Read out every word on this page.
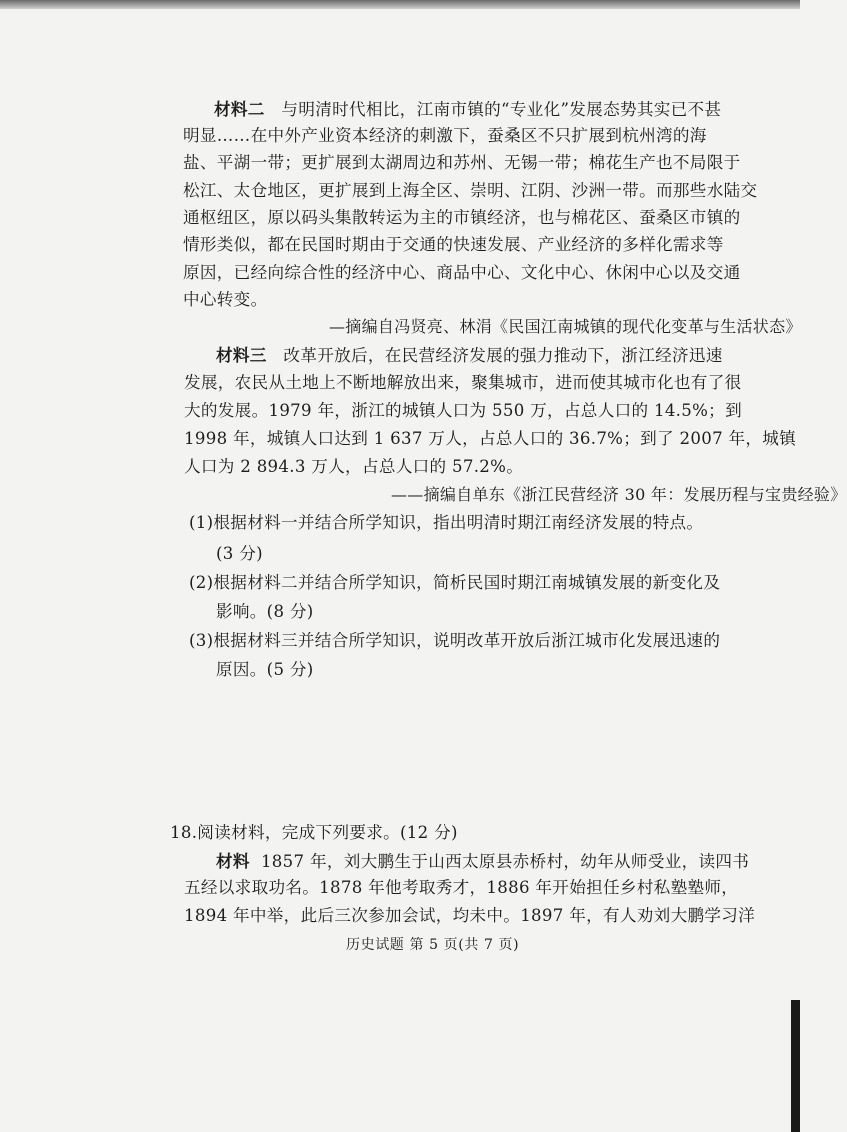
材料二 与明清时代相比，江南市镇的“专业化”发展态势其实已不甚

明显……在中外产业资本经济的刺激下，蚕桑区不只扩展到杭州湾的海

盐、平湖一带；更扩展到太湖周边和苏州、无锡一带；棉花生产也不局限于

松江、太仓地区，更扩展到上海全区、崇明、江阴、沙洲一带。而那些水陆交

通枢纽区，原以码头集散转运为主的市镇经济，也与棉花区、蚕桑区市镇的

情形类似，都在民国时期由于交通的快速发展、产业经济的多样化需求等

原因，已经向综合性的经济中心、商品中心、文化中心、休闲中心以及交通

中心转变。

—摘编自冯贤亮、林涓《民国江南城镇的现代化变革与生活状态》

材料三 改革开放后，在民营经济发展的强力推动下，浙江经济迅速

发展，农民从土地上不断地解放出来，聚集城市，进而使其城市化也有了很

大的发展。1979 年，浙江的城镇人口为 550 万，占总人口的 14.5%；到

1998 年，城镇人口达到 1 637 万人，占总人口的 36.7%；到了 2007 年，城镇

人口为 2 894.3 万人，占总人口的 57.2%。

——摘编自单东《浙江民营经济 30 年：发展历程与宝贵经验》

(1)根据材料一并结合所学知识，指出明清时期江南经济发展的特点。

(3 分)

(2)根据材料二并结合所学知识，简析民国时期江南城镇发展的新变化及

影响。(8 分)

(3)根据材料三并结合所学知识，说明改革开放后浙江城市化发展迅速的

原因。(5 分)

18.阅读材料，完成下列要求。(12 分)

材料 1857 年，刘大鹏生于山西太原县赤桥村，幼年从师受业，读四书

五经以求取功名。1878 年他考取秀才，1886 年开始担任乡村私塾塾师，

1894 年中举，此后三次参加会试，均未中。1897 年，有人劝刘大鹏学习洋

历史试题 第 5 页(共 7 页)
